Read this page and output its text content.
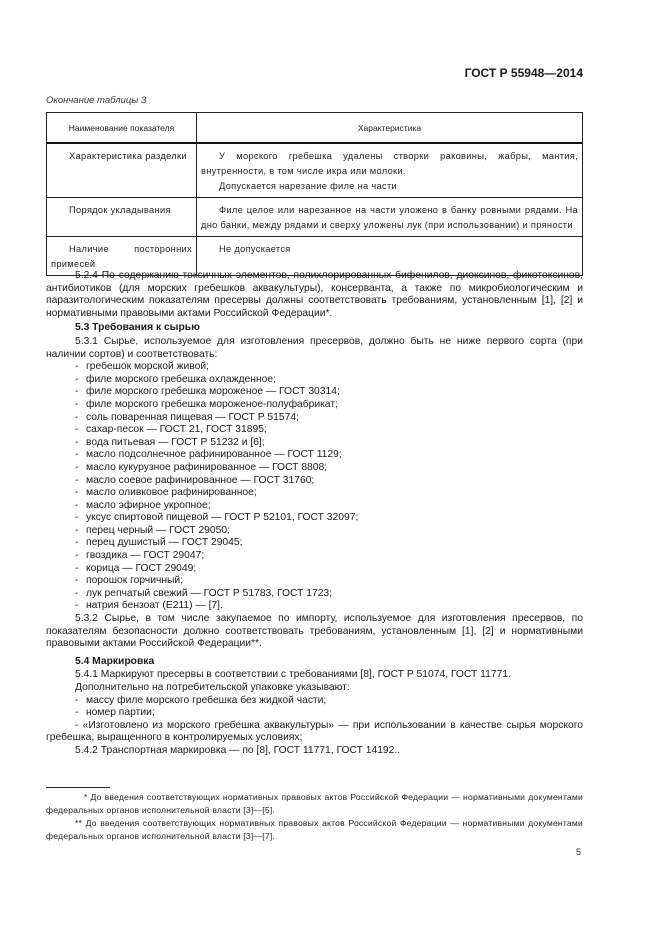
ГОСТ Р 55948—2014
Окончание таблицы 3
Наименование показателя	Характеристика

Характеристика разделки	У морского гребешка удалены створки раковины, жабры, мантия, внутренности, в том числе икра или молоки.
Допускается нарезание филе на части

Порядок укладывания	Филе целое или нарезанное на части уложено в банку ровными рядами. На дно банки, между рядами и сверху уложены лук (при использовании) и пряности

Наличие посторонних примесей	Не допускается

5.2.4 По содержанию токсичных элементов, полихлорированных бифенилов, диоксинов, фикотоксинов, антибиотиков (для морских гребешков аквакультуры), консерванта, а также по микробиологическим и паразитологическим показателям пресервы должны соответствовать требованиям, установленным [1], [2] и нормативными правовыми актами Российской Федерации*.

5.3 Требования к сырью

5.3.1 Сырье, используемое для изготовления пресервов, должно быть не ниже первого сорта (при наличии сортов) и соответствовать:

- гребешок морской живой;
- филе морского гребешка охлажденное;
- филе морского гребешка мороженое — ГОСТ 30314;
- филе морского гребешка мороженое-полуфабрикат;
- соль поваренная пищевая — ГОСТ Р 51574;
- сахар-песок — ГОСТ 21, ГОСТ 31895;
- вода питьевая — ГОСТ Р 51232 и [6];
- масло подсолнечное рафинированное — ГОСТ 1129;
- масло кукурузное рафинированное — ГОСТ 8808;
- масло соевое рафинированное — ГОСТ 31760;
- масло оливковое рафинированное;
- масло эфирное укропное;
- уксус спиртовой пищевой — ГОСТ Р 52101, ГОСТ 32097;
- перец черный — ГОСТ 29050;
- перец душистый — ГОСТ 29045;
- гвоздика — ГОСТ 29047;
- корица — ГОСТ 29049;
- порошок горчичный;
- лук репчатый свежий — ГОСТ Р 51783, ГОСТ 1723;
- натрия бензоат (Е211) — [7].

5.3.2 Сырье, в том числе закупаемое по импорту, используемое для изготовления пресервов, по показателям безопасности должно соответствовать требованиям, установленным [1], [2] и нормативными правовыми актами Российской Федерации**.

5.4 Маркировка

5.4.1 Маркируют пресервы в соответствии с требованиями [8], ГОСТ Р 51074, ГОСТ 11771.

Дополнительно на потребительской упаковке указывают:

- массу филе морского гребешка без жидкой части;
- номер партии;

- «Изготовлено из морского гребешка аквакультуры» — при использовании в качестве сырья морского гребешка, выращенного в контролируемых условиях;

5.4.2 Транспортная маркировка — по [8], ГОСТ 11771, ГОСТ 14192..

* До введения соответствующих нормативных правовых актов Российской Федерации — нормативными документами федеральных органов исполнительной власти [3]—[5].

** До введения соответствующих нормативных правовых актов Российской Федерации — нормативными документами федеральных органов исполнительной власти [3]—[7].

5
